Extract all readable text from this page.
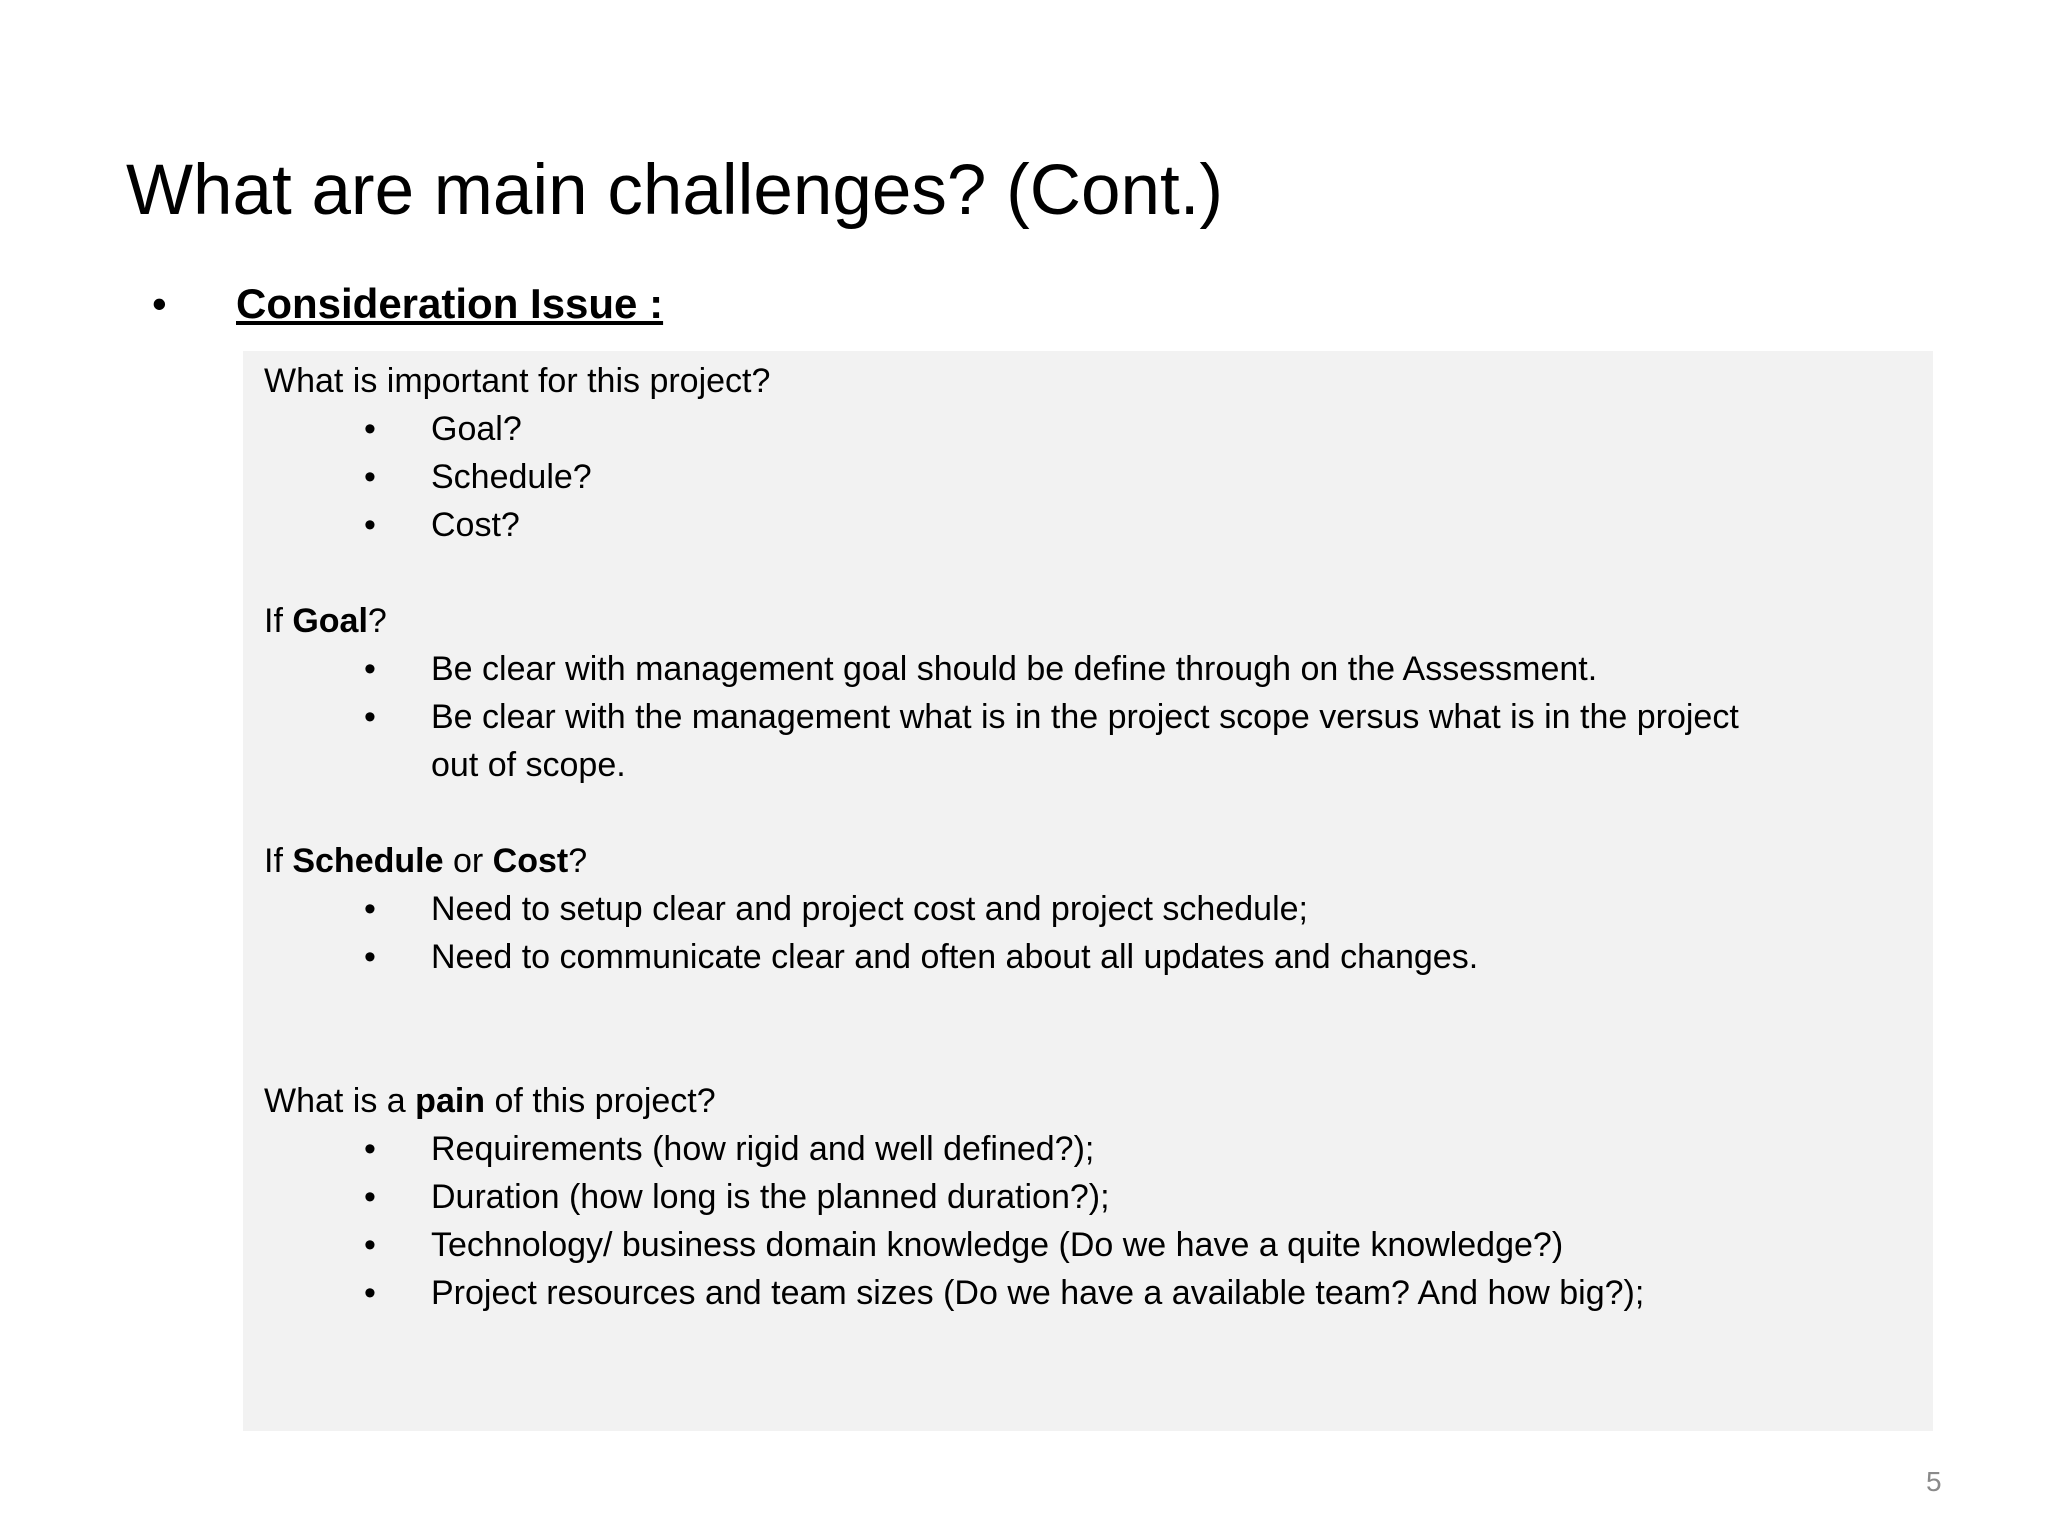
What are main challenges? (Cont.)
• Consideration Issue :
What is important for this project?
• Goal?
• Schedule?
• Cost?
If Goal?
• Be clear with management goal should be define through on the Assessment.
• Be clear with the management what is in the project scope versus what is in the project
out of scope.
If Schedule or Cost?
• Need to setup clear and project cost and project schedule;
• Need to communicate clear and often about all updates and changes.
What is a pain of this project?
• Requirements (how rigid and well defined?);
• Duration (how long is the planned duration?);
• Technology/ business domain knowledge (Do we have a quite knowledge?)
• Project resources and team sizes (Do we have a available team? And how big?);
5
